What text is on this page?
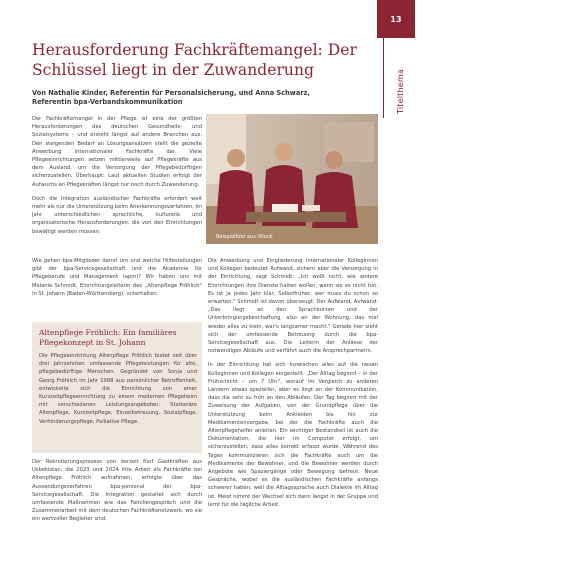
13
Titelthema
Herausforderung Fachkräftemangel: Der Schlüssel liegt in der Zuwanderung
Von Nathalie Kinder, Referentin für Personalsicherung, und Anna Schwarz,
Referentin bpa-Verbandskommunikation

Der Fachkräftemangel in der Pflege ist eine der größten Herausforderungen des deutschen Gesundheits- und Sozialsystems – und ersteht längst auf andere Branchen aus. Den steigenden Bedarf an Lösungsansätzen stellt die gezielte Anwerbung internationaler Fachkräfte dar. Viele Pflegeeinrichtungen setzen mittlerweile auf Pflegekräfte aus dem Ausland, um die Versorgung der Pflegebedürftigen sicherzustellen. Überhaupt: Laut aktuellen Studien erfolgt der Aufwuchs an Pflegekräften längst nur noch durch Zuwanderung.

Doch die Integration ausländischer Fachkräfte erfordert weit mehr als nur die Unterstützung beim Anerkennungsverfahren. Im Jahr unterschiedlichen sprachliche, kulturelle und organisatorische Herausforderungen, die von den Einrichtungen bewältigt werden müssen.

Foto: iStock/Kzenon
Beispielfoto aus iStock

Wie gehen bpa-Mitglieder damit um und welche Hilfestellungen gibt der bpa-Servicegesellschaft und die Akademie für Pflegeberufe und Management (apm)? Wir haben uns mit Melanie Schmidt, Einrichtungsleiterin des „Altenpflege Fröhlich" in St. Johann (Baden-Württemberg), unterhalten.

Altenpflege Fröhlich: Ein familiäres Pflegekonzept in St. Johann
Die Pflegeeinrichtung Altenpflege Fröhlich bietet seit über drei Jahrzehnten umfassende Pflegeleistungen für alte, pflegebedürftige Menschen. Gegründet von Sonja und Georg Fröhlich im Jahr 1988 aus persönlicher Betroffenheit, entwickelte sich die Einrichtung von einer Kurzzeitpflegeeinrichtung zu einem modernen Pflegeheim mit verschiedenen Leistungsangeboten: Stationäre Altenpflege, Kurzzeitpflege, Einzelbetreuung, Sozialpflege, Verhinderungspflege, Palliative Pflege.

Der Rekrutierungsprozess von derzeit fünf Gastkräften aus Usbekistan, die 2023 und 2024 ihre Arbeit als Fachkräfte bei Altenpflege Fröhlich aufnahmen, erfolgte über das Aussendungsverfahren bpa-personal der bpa-Servicegesellschaft. Die Integration gestaltet sich durch umfassende Maßnahmen wie das Familiengespräch und die Zusammenarbeit mit dem deutschen Fachkräftenetzwerk, wo sie ein wertvoller Begleiter sind.

Die Anwerbung und Eingliederung internationaler Kolleginnen und Kollegen bedeutet Aufwand, sichern aber die Versorgung in der Einrichtung, sagt Schmidt: „Ich weiß nicht, wie andere Einrichtungen ihre Dienste halten wollen, wenn sie es nicht tun. Es ist ja jedes Jahr klar, Selbstfrüher, wer muss du schon so erwarten." Schmidt ist davon überzeugt: Der Aufwand, Aufwand: „Das liegt an den Sprachkursen und der Unterbringungsbeschaffung, also an der Wohnung, das mal wieder alles zu klein, war's langsamer macht." Gerade hier sieht sich der umfassende Betreuung durch die bpa-Servicegesellschaft aus. Die Leiterin der Anlässe der notwendigen Abläufe und verfährt auch die Ansprechpartnerin.

In der Einrichtung hat sich inzwischen alles auf die neuen Kolleginnen und Kollegen eingestellt. „Der Alltag beginnt – in der Frühschicht – um 7 Uhr“, worauf im Vergleich zu anderen Ländern etwas spezieller, aber es liegt an der Kommunikation, dass die sehr zu früh an den Abläufen. Der Tag beginnt mit der Zuweisung der Aufgaben, von der Grundpflege über die Unterstützung beim Ankleiden bis hin zur Medikamentenvergabe, bei der die Fachkräfte auch die Altenpflegehelfer anleiten. Ein wichtiger Bestandteil ist auch die Dokumentation, die hier im Computer erfolgt, um sicherzustellen, dass alles korrekt erfasst wurde. Während des Tages kommunizieren sich die Fachkräfte auch um die Medikamente der Bewohner, und die Bewohner werden durch Angebote wie Spaziergänge oder Bewegung betreut. Neue Gespräche, wobei es die ausländischen Fachkräfte anfangs schwerer haben, weil die Alltagssprache auch Dialekte im Alltag ist. Meist nimmt der Wechsel sich dann längst in der Gruppe und lernt für die tägliche Arbeit.
